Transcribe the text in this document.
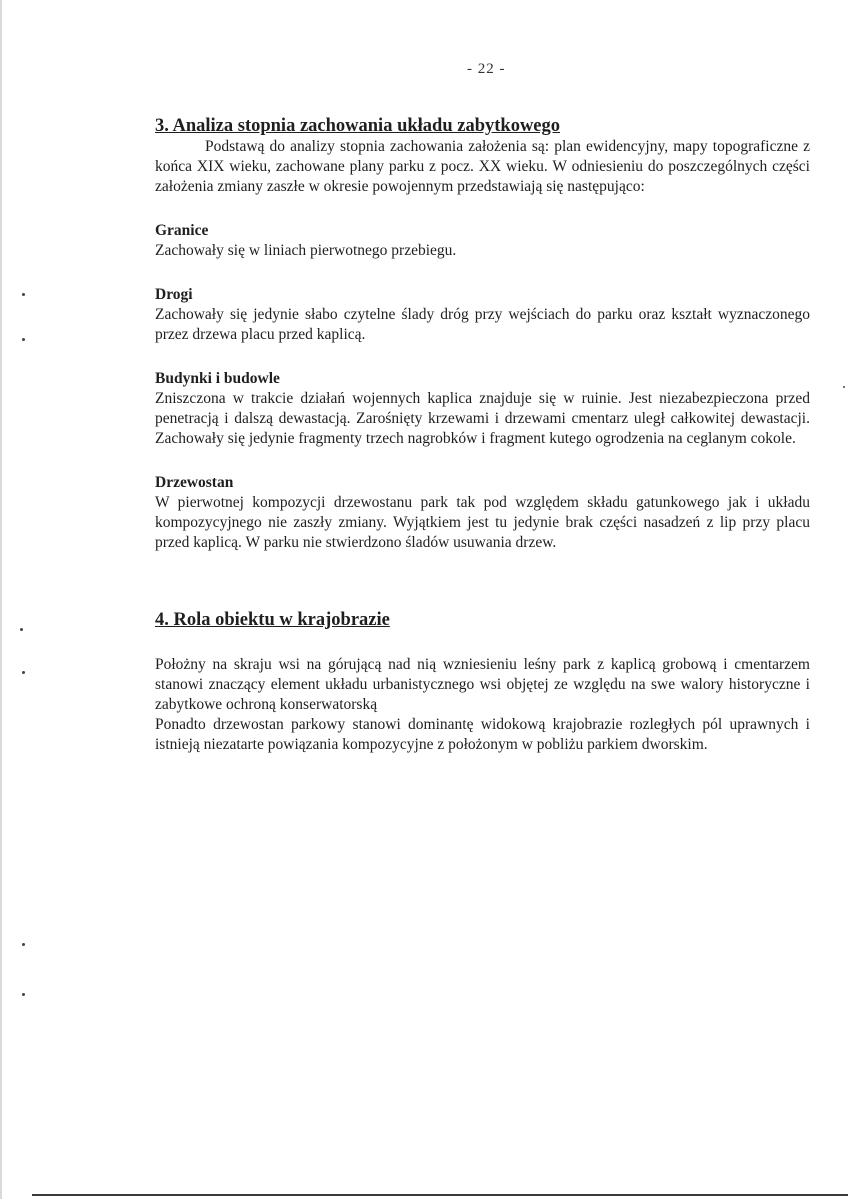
- 22 -

3. Analiza stopnia zachowania układu zabytkowego

Podstawą do analizy stopnia zachowania założenia są: plan ewidencyjny, mapy topograficzne z końca XIX wieku, zachowane plany parku z pocz. XX wieku. W odniesieniu do poszczególnych części założenia zmiany zaszłe w okresie powojennym przedstawiają się następująco:

Granice

Zachowały się w liniach pierwotnego przebiegu.

Drogi

Zachowały się jedynie słabo czytelne ślady dróg przy wejściach do parku oraz kształt wyznaczonego przez drzewa placu przed kaplicą.

Budynki i budowle

Zniszczona w trakcie działań wojennych kaplica znajduje się w ruinie. Jest niezabezpieczona przed penetracją i dalszą dewastacją. Zarośnięty krzewami i drzewami cmentarz uległ całkowitej dewastacji. Zachowały się jedynie fragmenty trzech nagrobków i fragment kutego ogrodzenia na ceglanym cokole.

Drzewostan

W pierwotnej kompozycji drzewostanu park tak pod względem składu gatunkowego jak i układu kompozycyjnego nie zaszły zmiany. Wyjątkiem jest tu jedynie brak części nasadzeń z lip przy placu przed kaplicą. W parku nie stwierdzono śladów usuwania drzew.

4. Rola obiektu w krajobrazie

Położny na skraju wsi na górującą nad nią wzniesieniu leśny park z kaplicą grobową i cmentarzem stanowi znaczący element układu urbanistycznego wsi objętej ze względu na swe walory historyczne i zabytkowe ochroną konserwatorską

Ponadto drzewostan parkowy stanowi dominantę widokową krajobrazie rozległych pól uprawnych i istnieją niezatarte powiązania kompozycyjne z położonym w pobliżu parkiem dworskim.
